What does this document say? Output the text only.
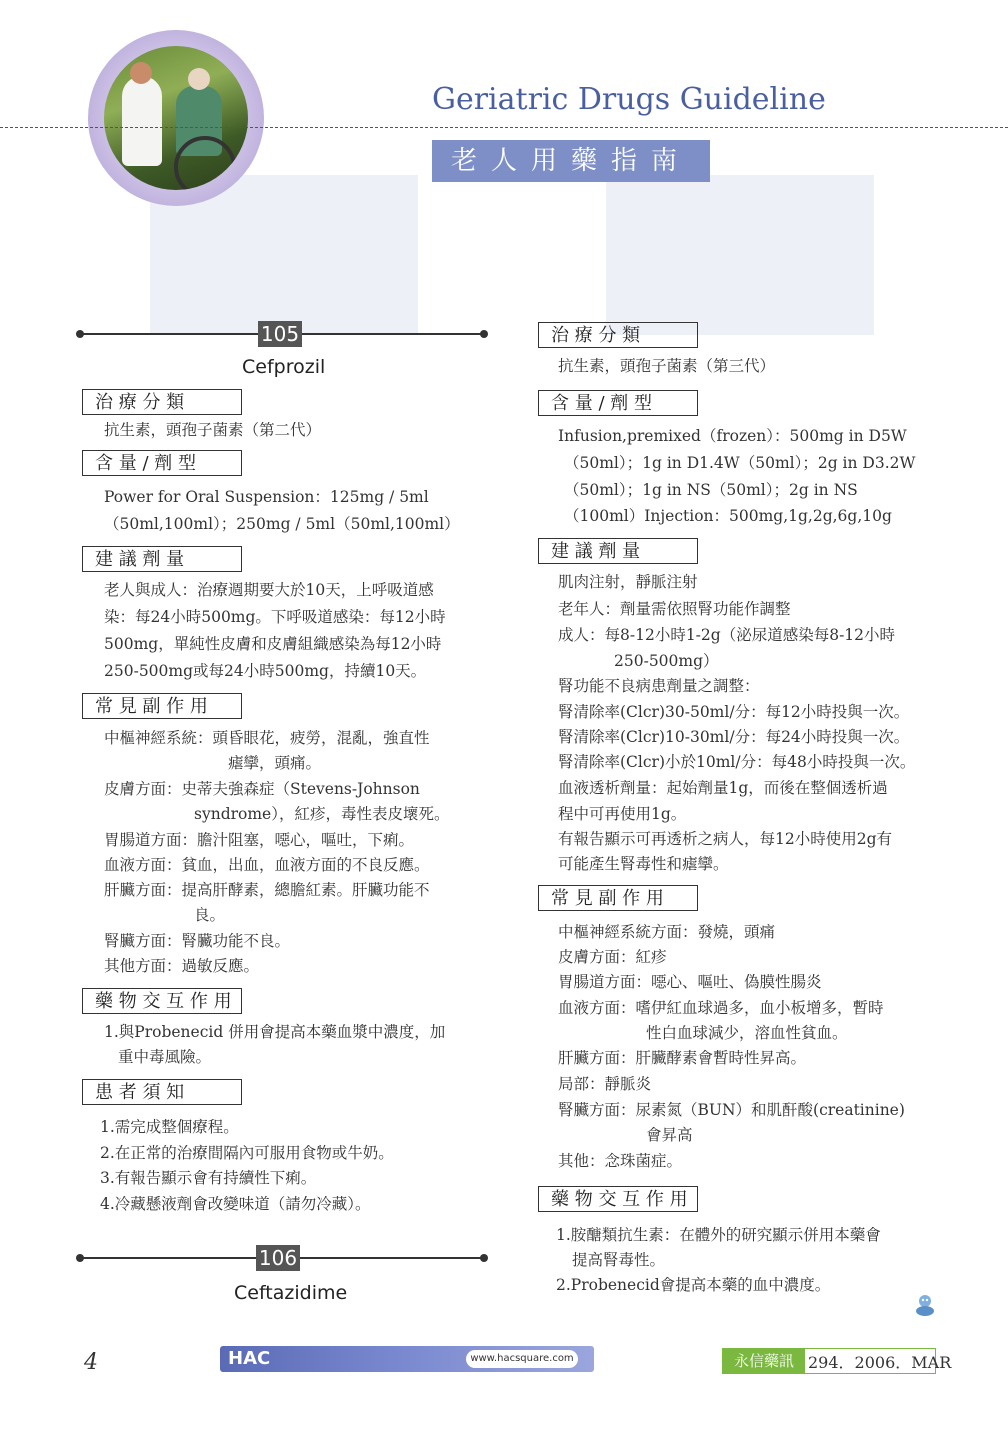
Geriatric Drugs Guideline
老人用藥指南
105
Cefprozil
治 療 分 類
抗生素，頭孢子菌素（第二代）
含 量 / 劑 型
Power for Oral Suspension：125mg / 5ml
（50ml,100ml）；250mg / 5ml（50ml,100ml）
建 議 劑 量
老人與成人：治療週期要大於10天，上呼吸道感
染：每24小時500mg。下呼吸道感染：每12小時
500mg，單純性皮膚和皮膚組織感染為每12小時
250-500mg或每24小時500mg，持續10天。
常 見 副 作 用
中樞神經系統：頭昏眼花，疲勞，混亂，強直性
瘧攣，頭痛。
皮膚方面：史蒂夫強森症（Stevens-Johnson
syndrome），紅疹，毒性表皮壞死。
胃腸道方面：膽汁阻塞，噁心，嘔吐，下痢。
血液方面：貧血，出血，血液方面的不良反應。
肝臟方面：提高肝酵素，總膽紅素。肝臟功能不
良。
腎臟方面：腎臟功能不良。
其他方面：過敏反應。
藥 物 交 互 作 用
1.與Probenecid 併用會提高本藥血漿中濃度，加
重中毒風險。
患 者 須 知
1.需完成整個療程。
2.在正常的治療間隔內可服用食物或牛奶。
3.有報告顯示會有持續性下痢。
4.冷藏懸液劑會改變味道（請勿冷藏）。
106
Ceftazidime
治 療 分 類
抗生素，頭孢子菌素（第三代）
含 量 / 劑 型
Infusion,premixed（frozen）：500mg in D5W
（50ml）；1g in D1.4W（50ml）；2g in D3.2W
（50ml）；1g in NS（50ml）；2g in NS
（100ml）Injection：500mg,1g,2g,6g,10g
建 議 劑 量
肌肉注射，靜脈注射
老年人：劑量需依照腎功能作調整
成人：每8-12小時1-2g（泌尿道感染每8-12小時
250-500mg）
腎功能不良病患劑量之調整：
腎清除率(Clcr)30-50ml/分：每12小時投與一次。
腎清除率(Clcr)10-30ml/分：每24小時投與一次。
腎清除率(Clcr)小於10ml/分：每48小時投與一次。
血液透析劑量：起始劑量1g，而後在整個透析過
程中可再使用1g。
有報告顯示可再透析之病人，每12小時使用2g有
可能產生腎毒性和瘧攣。
常 見 副 作 用
中樞神經系統方面：發燒，頭痛
皮膚方面：紅疹
胃腸道方面：噁心、嘔吐、偽膜性腸炎
血液方面：嗜伊紅血球過多，血小板增多，暫時
性白血球減少，溶血性貧血。
肝臟方面：肝臟酵素會暫時性昇高。
局部：靜脈炎
腎臟方面：尿素氮（BUN）和肌酐酸(creatinine)
會昇高
其他：念珠菌症。
藥 物 交 互 作 用
1.胺醣類抗生素：在體外的研究顯示併用本藥會
提高腎毒性。
2.Probenecid會提高本藥的血中濃度。
4	HAC	www.hacsquare.com	永信藥訊 294．2006．MAR
